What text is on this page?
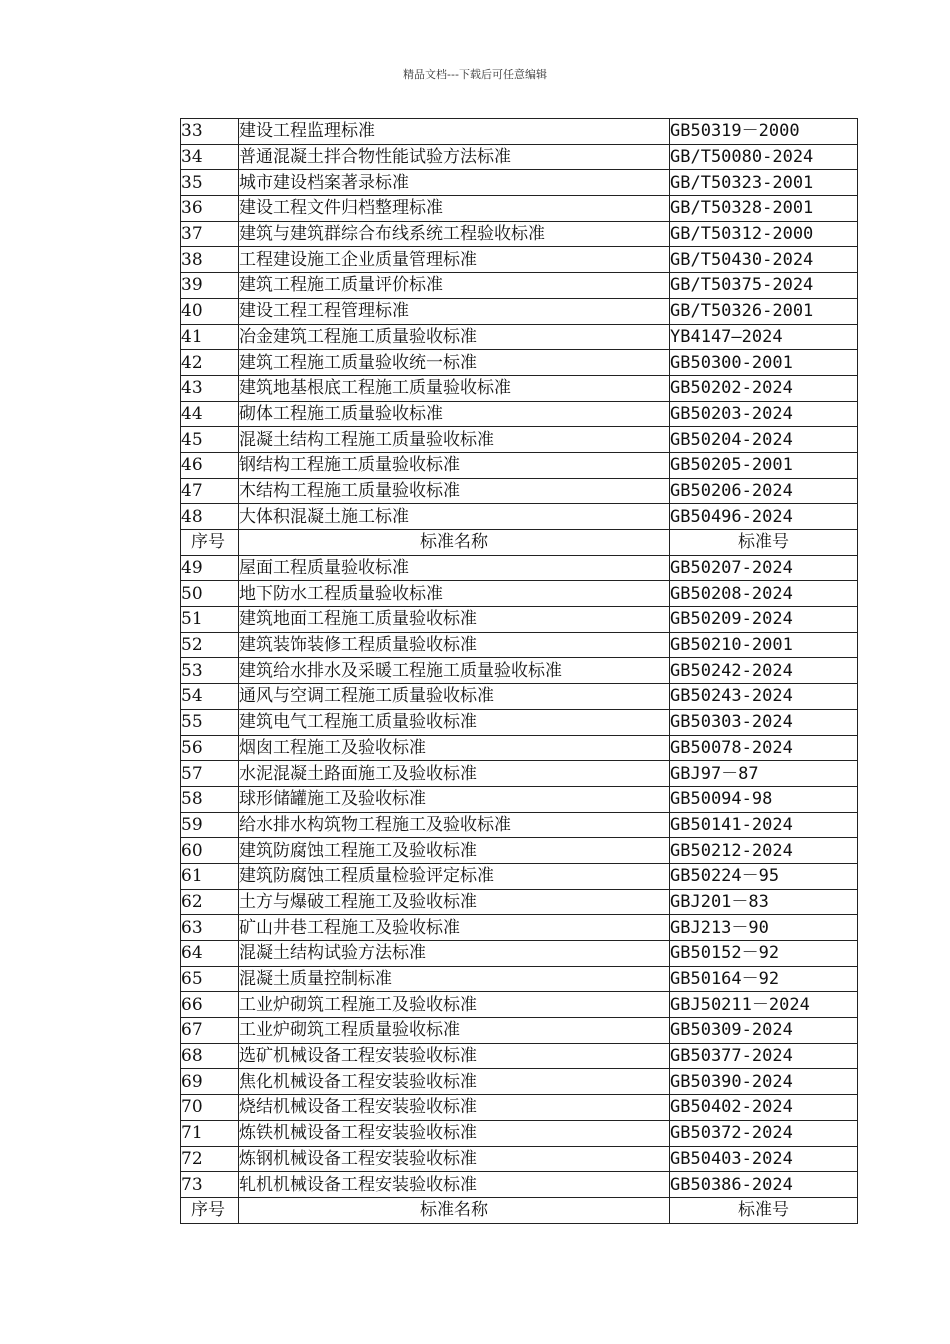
精品文档---下载后可任意编辑
33	建设工程监理标准	GB50319－2000
34	普通混凝土拌合物性能试验方法标准	GB/T50080-2024
35	城市建设档案著录标准	GB/T50323-2001
36	建设工程文件归档整理标准	GB/T50328-2001
37	建筑与建筑群综合布线系统工程验收标准	GB/T50312-2000
38	工程建设施工企业质量管理标准	GB/T50430-2024
39	建筑工程施工质量评价标准	GB/T50375-2024
40	建设工程工程管理标准	GB/T50326-2001
41	冶金建筑工程施工质量验收标准	YB4147—2024
42	建筑工程施工质量验收统一标准	GB50300-2001
43	建筑地基根底工程施工质量验收标准	GB50202-2024
44	砌体工程施工质量验收标准	GB50203-2024
45	混凝土结构工程施工质量验收标准	GB50204-2024
46	钢结构工程施工质量验收标准	GB50205-2001
47	木结构工程施工质量验收标准	GB50206-2024
48	大体积混凝土施工标准	GB50496-2024
序号	标准名称	标准号
49	屋面工程质量验收标准	GB50207-2024
50	地下防水工程质量验收标准	GB50208-2024
51	建筑地面工程施工质量验收标准	GB50209-2024
52	建筑装饰装修工程质量验收标准	GB50210-2001
53	建筑给水排水及采暖工程施工质量验收标准	GB50242-2024
54	通风与空调工程施工质量验收标准	GB50243-2024
55	建筑电气工程施工质量验收标准	GB50303-2024
56	烟囱工程施工及验收标准	GB50078-2024
57	水泥混凝土路面施工及验收标准	GBJ97－87
58	球形储罐施工及验收标准	GB50094-98
59	给水排水构筑物工程施工及验收标准	GB50141-2024
60	建筑防腐蚀工程施工及验收标准	GB50212-2024
61	建筑防腐蚀工程质量检验评定标准	GB50224－95
62	土方与爆破工程施工及验收标准	GBJ201－83
63	矿山井巷工程施工及验收标准	GBJ213－90
64	混凝土结构试验方法标准	GB50152－92
65	混凝土质量控制标准	GB50164－92
66	工业炉砌筑工程施工及验收标准	GBJ50211－2024
67	工业炉砌筑工程质量验收标准	GB50309-2024
68	选矿机械设备工程安装验收标准	GB50377-2024
69	焦化机械设备工程安装验收标准	GB50390-2024
70	烧结机械设备工程安装验收标准	GB50402-2024
71	炼铁机械设备工程安装验收标准	GB50372-2024
72	炼钢机械设备工程安装验收标准	GB50403-2024
73	轧机机械设备工程安装验收标准	GB50386-2024
序号	标准名称	标准号
